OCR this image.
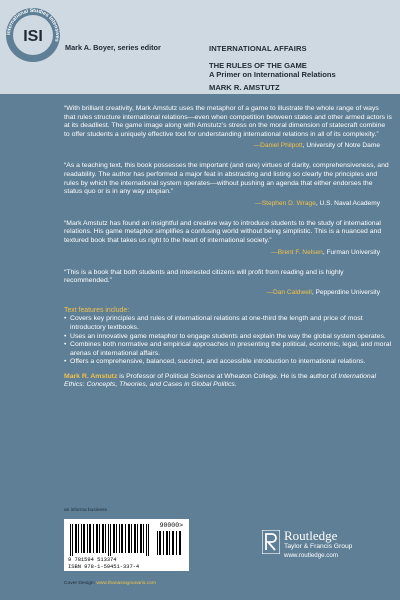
International Studies Intensives
ISI
Mark A. Boyer, series editor	INTERNATIONAL AFFAIRS
THE RULES OF THE GAME
A Primer on International Relations
MARK R. AMSTUTZ

“With brilliant creativity, Mark Amstutz uses the metaphor of a game to illustrate the whole range of ways that rules structure international relations—even when competition between states and other armed actors is at its deadliest. The game image along with Amstutz’s stress on the moral dimension of statecraft combine to offer students a uniquely effective tool for understanding international relations in all of its complexity.”

—Daniel Philpott, University of Notre Dame

“As a teaching text, this book possesses the important (and rare) virtues of clarity, comprehensiveness, and readability. The author has performed a major feat in abstracting and listing so clearly the principles and rules by which the international system operates—without pushing an agenda that either endorses the status quo or is in any way utopian.”

—Stephen D. Wrage, U.S. Naval Academy

“Mark Amstutz has found an insightful and creative way to introduce students to the study of international relations. His game metaphor simplifies a confusing world without being simplistic. This is a nuanced and textured book that takes us right to the heart of international society.”

—Brent F. Nelsen, Furman University

“This is a book that both students and interested citizens will profit from reading and is highly recommended.”

—Dan Caldwell, Pepperdine University
Text features include:
• Covers key principles and rules of international relations at one-third the length and price of most introductory textbooks.
• Uses an innovative game metaphor to engage students and explain the way the global system operates.
• Combines both normative and empirical approaches in presenting the political, economic, legal, and moral arenas of international affairs.
• Offers a comprehensive, balanced, succinct, and accessible introduction to international relations.
Mark R. Amstutz is Professor of Political Science at Wheaton College. He is the author of International Ethics: Concepts, Theories, and Cases in Global Politics.
an informa business
90000>
9 781594 513374
ISBN 978-1-59451-337-4
Routledge
Taylor & Francis Group
www.routledge.com
Cover Design: www.thanasiogounaris.com
